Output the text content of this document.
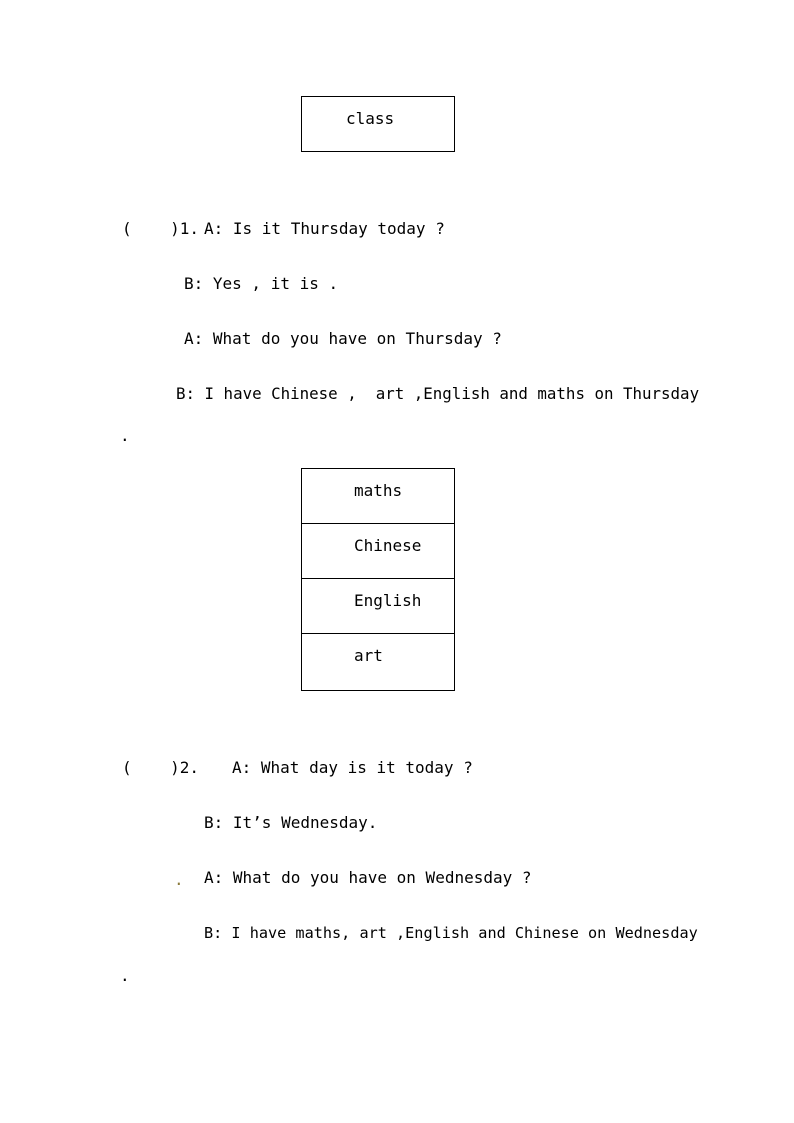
class
(    )1. A: Is it Thursday today ?
B: Yes , it is .
A: What do you have on Thursday ?
B: I have Chinese ,  art ,English and maths on Thursday
.
maths
Chinese
English
art
(    )2. A: What day is it today ?
B: It’s Wednesday.
. A: What do you have on Wednesday ?
B: I have maths, art ,English and Chinese on Wednesday
.
